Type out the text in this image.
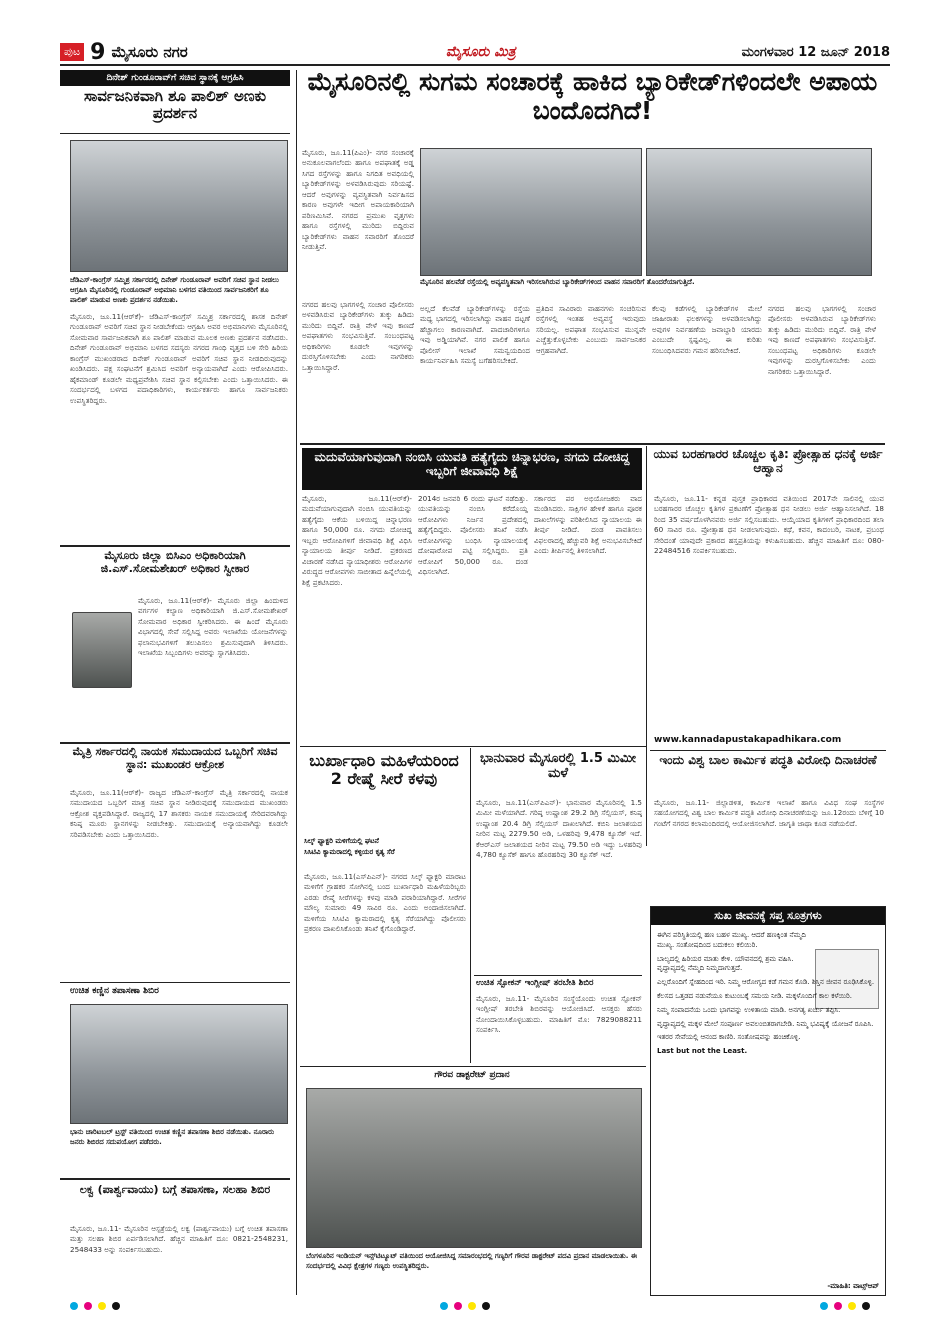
ಪುಟ 9 ಮೈಸೂರು ನಗರ	ಮೈಸೂರು ಮಿತ್ರ	ಮಂಗಳವಾರ 12 ಜೂನ್ 2018
ದಿನೇಶ್ ಗುಂಡೂರಾವ್‌ಗೆ ಸಚಿವ ಸ್ಥಾನಕ್ಕೆ ಆಗ್ರಹಿಸಿ
ಸಾರ್ವಜನಿಕವಾಗಿ ಶೂ ಪಾಲಿಶ್ ಅಣಕು ಪ್ರದರ್ಶನ
ಜೆಡಿಎಸ್-ಕಾಂಗ್ರೆಸ್ ಸಮ್ಮಿಶ್ರ ಸರ್ಕಾರದಲ್ಲಿ ದಿನೇಶ್ ಗುಂಡೂರಾವ್ ಅವರಿಗೆ ಸಚಿವ ಸ್ಥಾನ ನೀಡಲು ಆಗ್ರಹಿಸಿ ಮೈಸೂರಿನಲ್ಲಿ ಗುಂಡೂರಾವ್ ಅಭಿಮಾನಿ ಬಳಗದ ವತಿಯಿಂದ ಸಾರ್ವಜನಿಕರಿಗೆ ಶೂ ಪಾಲಿಶ್ ಮಾಡುವ ಅಣಕು ಪ್ರದರ್ಶನ ನಡೆಯಿತು.
ಮೈಸೂರು, ಜೂ.11(ಆರ್‌ಕೆ)- ಜೆಡಿಎಸ್-ಕಾಂಗ್ರೆಸ್ ಸಮ್ಮಿಶ್ರ ಸರ್ಕಾರದಲ್ಲಿ ಶಾಸಕ ದಿನೇಶ್ ಗುಂಡೂರಾವ್ ಅವರಿಗೆ ಸಚಿವ ಸ್ಥಾನ ನೀಡಬೇಕೆಂದು ಆಗ್ರಹಿಸಿ ಅವರ ಅಭಿಮಾನಿಗಳು ಮೈಸೂರಿನಲ್ಲಿ ಸೋಮವಾರ ಸಾರ್ವಜನಿಕವಾಗಿ ಶೂ ಪಾಲಿಶ್ ಮಾಡುವ ಮೂಲಕ ಅಣಕು ಪ್ರದರ್ಶನ ನಡೆಸಿದರು. ದಿನೇಶ್ ಗುಂಡೂರಾವ್ ಅಭಿಮಾನಿ ಬಳಗದ ಸದಸ್ಯರು ನಗರದ ಗಾಂಧಿ ವೃತ್ತದ ಬಳಿ ಸೇರಿ ಹಿರಿಯ ಕಾಂಗ್ರೆಸ್ ಮುಖಂಡರಾದ ದಿನೇಶ್ ಗುಂಡೂರಾವ್ ಅವರಿಗೆ ಸಚಿವ ಸ್ಥಾನ ನೀಡದಿರುವುದನ್ನು ಖಂಡಿಸಿದರು. ಪಕ್ಷ ಸಂಘಟನೆಗೆ ಶ್ರಮಿಸಿದ ಅವರಿಗೆ ಅನ್ಯಾಯವಾಗಿದೆ ಎಂದು ಆರೋಪಿಸಿದರು. ಹೈಕಮಾಂಡ್ ಕೂಡಲೇ ಮಧ್ಯಪ್ರವೇಶಿಸಿ ಸಚಿವ ಸ್ಥಾನ ಕಲ್ಪಿಸಬೇಕು ಎಂದು ಒತ್ತಾಯಿಸಿದರು. ಈ ಸಂದರ್ಭದಲ್ಲಿ ಬಳಗದ ಪದಾಧಿಕಾರಿಗಳು, ಕಾರ್ಯಕರ್ತರು ಹಾಗೂ ಸಾರ್ವಜನಿಕರು ಉಪಸ್ಥಿತರಿದ್ದರು.
ಮೈಸೂರು ಜಿಲ್ಲಾ ಬಿಸಿಎಂ ಅಧಿಕಾರಿಯಾಗಿ ಜಿ.ಎಸ್.ಸೋಮಶೇಖರ್ ಅಧಿಕಾರ ಸ್ವೀಕಾರ
ಮೈಸೂರು, ಜೂ.11(ಆರ್‌ಕೆ)- ಮೈಸೂರು ಜಿಲ್ಲಾ ಹಿಂದುಳಿದ ವರ್ಗಗಳ ಕಲ್ಯಾಣ ಅಧಿಕಾರಿಯಾಗಿ ಜಿ.ಎಸ್.ಸೋಮಶೇಖರ್ ಸೋಮವಾರ ಅಧಿಕಾರ ಸ್ವೀಕರಿಸಿದರು. ಈ ಹಿಂದೆ ಮೈಸೂರು ವಿಭಾಗದಲ್ಲಿ ಸೇವೆ ಸಲ್ಲಿಸಿದ್ದ ಅವರು ಇಲಾಖೆಯ ಯೋಜನೆಗಳನ್ನು ಫಲಾನುಭವಿಗಳಿಗೆ ತಲುಪಿಸಲು ಶ್ರಮಿಸುವುದಾಗಿ ತಿಳಿಸಿದರು. ಇಲಾಖೆಯ ಸಿಬ್ಬಂದಿಗಳು ಅವರನ್ನು ಸ್ವಾಗತಿಸಿದರು.
ಮೈತ್ರಿ ಸರ್ಕಾರದಲ್ಲಿ ನಾಯಕ ಸಮುದಾಯದ ಒಬ್ಬರಿಗೆ ಸಚಿವ ಸ್ಥಾನ: ಮುಖಂಡರ ಆಕ್ರೋಶ
ಮೈಸೂರು, ಜೂ.11(ಆರ್‌ಕೆ)- ರಾಜ್ಯದ ಜೆಡಿಎಸ್-ಕಾಂಗ್ರೆಸ್ ಮೈತ್ರಿ ಸರ್ಕಾರದಲ್ಲಿ ನಾಯಕ ಸಮುದಾಯದ ಒಬ್ಬರಿಗೆ ಮಾತ್ರ ಸಚಿವ ಸ್ಥಾನ ನೀಡಿರುವುದಕ್ಕೆ ಸಮುದಾಯದ ಮುಖಂಡರು ಆಕ್ರೋಶ ವ್ಯಕ್ತಪಡಿಸಿದ್ದಾರೆ. ರಾಜ್ಯದಲ್ಲಿ 17 ಶಾಸಕರು ನಾಯಕ ಸಮುದಾಯಕ್ಕೆ ಸೇರಿದವರಾಗಿದ್ದು ಕನಿಷ್ಠ ಮೂರು ಸ್ಥಾನಗಳನ್ನು ನೀಡಬೇಕಿತ್ತು. ಸಮುದಾಯಕ್ಕೆ ಅನ್ಯಾಯವಾಗಿದ್ದು ಕೂಡಲೇ ಸರಿಪಡಿಸಬೇಕು ಎಂದು ಒತ್ತಾಯಿಸಿದರು.
ಉಚಿತ ಕಣ್ಣಿನ ತಪಾಸಣಾ ಶಿಬಿರ
ಭಾನು ಚಾರಿಟಬಲ್ ಟ್ರಸ್ಟ್ ವತಿಯಿಂದ ಉಚಿತ ಕಣ್ಣಿನ ತಪಾಸಣಾ ಶಿಬಿರ ನಡೆಯಿತು. ನೂರಾರು ಜನರು ಶಿಬಿರದ ಸದುಪಯೋಗ ಪಡೆದರು.
ಲಕ್ವ (ಪಾರ್ಶ್ವವಾಯು) ಬಗ್ಗೆ ತಪಾಸಣಾ, ಸಲಹಾ ಶಿಬಿರ
ಮೈಸೂರು, ಜೂ.11- ಮೈಸೂರಿನ ಆಸ್ಪತ್ರೆಯಲ್ಲಿ ಲಕ್ವ (ಪಾರ್ಶ್ವವಾಯು) ಬಗ್ಗೆ ಉಚಿತ ತಪಾಸಣಾ ಮತ್ತು ಸಲಹಾ ಶಿಬಿರ ಏರ್ಪಡಿಸಲಾಗಿದೆ. ಹೆಚ್ಚಿನ ಮಾಹಿತಿಗೆ ದೂ: 0821-2548231, 2548433 ಅನ್ನು ಸಂಪರ್ಕಿಸಬಹುದು.
ಮೈಸೂರಿನಲ್ಲಿ ಸುಗಮ ಸಂಚಾರಕ್ಕೆ ಹಾಕಿದ ಬ್ಯಾರಿಕೇಡ್‌ಗಳಿಂದಲೇ ಅಪಾಯ ಬಂದೊದಗಿದೆ!
ಮೈಸೂರು, ಜೂ.11(ಪಿಎಂ)- ನಗರ ಸಂಚಾರಕ್ಕೆ ಅನುಕೂಲವಾಗಲೆಂದು ಹಾಗೂ ಅಪಘಾತಕ್ಕೆ ಅಡ್ಡ ಸಿಗದ ರಸ್ತೆಗಳನ್ನು ಹಾಗೂ ನಿಗದಿತ ಅವಧಿಯಲ್ಲಿ ಬ್ಯಾರಿಕೇಡ್‌ಗಳನ್ನು ಅಳವಡಿಸಿರುವುದು ಸರಿಯಷ್ಟೆ. ಆದರೆ ಅವುಗಳನ್ನು ವ್ಯವಸ್ಥಿತವಾಗಿ ನಿರ್ವಹಿಸದ ಕಾರಣ ಅವುಗಳೇ ಇದೀಗ ಅಪಾಯಕಾರಿಯಾಗಿ ಪರಿಣಮಿಸಿವೆ. ನಗರದ ಪ್ರಮುಖ ವೃತ್ತಗಳು ಹಾಗೂ ರಸ್ತೆಗಳಲ್ಲಿ ಮುರಿದು ಬಿದ್ದಿರುವ ಬ್ಯಾರಿಕೇಡ್‌ಗಳು ವಾಹನ ಸವಾರರಿಗೆ ತೊಂದರೆ ನೀಡುತ್ತಿವೆ.
ಮೈಸೂರಿನ ಹಲವೆಡೆ ರಸ್ತೆಯಲ್ಲಿ ಅವ್ಯವಸ್ಥಿತವಾಗಿ ಇರಿಸಲಾಗಿರುವ ಬ್ಯಾರಿಕೇಡ್‌ಗಳಿಂದ ವಾಹನ ಸವಾರರಿಗೆ ತೊಂದರೆಯಾಗುತ್ತಿದೆ.
ನಗರದ ಹಲವು ಭಾಗಗಳಲ್ಲಿ ಸಂಚಾರ ಪೊಲೀಸರು ಅಳವಡಿಸಿರುವ ಬ್ಯಾರಿಕೇಡ್‌ಗಳು ತುಕ್ಕು ಹಿಡಿದು ಮುರಿದು ಬಿದ್ದಿವೆ. ರಾತ್ರಿ ವೇಳೆ ಇವು ಕಾಣದೆ ಅಪಘಾತಗಳು ಸಂಭವಿಸುತ್ತಿವೆ. ಸಂಬಂಧಪಟ್ಟ ಅಧಿಕಾರಿಗಳು ಕೂಡಲೇ ಇವುಗಳನ್ನು ದುರಸ್ತಿಗೊಳಿಸಬೇಕು ಎಂದು ನಾಗರಿಕರು ಒತ್ತಾಯಿಸಿದ್ದಾರೆ.
ಅಲ್ಲದೆ ಕೆಲವೆಡೆ ಬ್ಯಾರಿಕೇಡ್‌ಗಳನ್ನು ರಸ್ತೆಯ ಮಧ್ಯ ಭಾಗದಲ್ಲಿ ಇರಿಸಲಾಗಿದ್ದು ವಾಹನ ದಟ್ಟಣೆ ಹೆಚ್ಚಾಗಲು ಕಾರಣವಾಗಿದೆ. ಪಾದಚಾರಿಗಳಿಗೂ ಇವು ಅಡ್ಡಿಯಾಗಿವೆ. ನಗರ ಪಾಲಿಕೆ ಹಾಗೂ ಪೊಲೀಸ್ ಇಲಾಖೆ ಸಮನ್ವಯದಿಂದ ಕಾರ್ಯನಿರ್ವಹಿಸಿ ಸಮಸ್ಯೆ ಬಗೆಹರಿಸಬೇಕಿದೆ.
ಪ್ರತಿದಿನ ಸಾವಿರಾರು ವಾಹನಗಳು ಸಂಚರಿಸುವ ರಸ್ತೆಗಳಲ್ಲಿ ಇಂತಹ ಅವ್ಯವಸ್ಥೆ ಇರುವುದು ಸರಿಯಲ್ಲ. ಅಪಘಾತ ಸಂಭವಿಸುವ ಮುನ್ನವೇ ಎಚ್ಚೆತ್ತುಕೊಳ್ಳಬೇಕು ಎಂಬುದು ಸಾರ್ವಜನಿಕರ ಆಗ್ರಹವಾಗಿದೆ.
ಕೆಲವು ಕಡೆಗಳಲ್ಲಿ ಬ್ಯಾರಿಕೇಡ್‌ಗಳ ಮೇಲೆ ಜಾಹೀರಾತು ಫಲಕಗಳನ್ನು ಅಳವಡಿಸಲಾಗಿದ್ದು ಅವುಗಳ ನಿರ್ವಹಣೆಯ ಜವಾಬ್ದಾರಿ ಯಾರದು ಎಂಬುದೇ ಸ್ಪಷ್ಟವಿಲ್ಲ. ಈ ಕುರಿತು ಸಂಬಂಧಿಸಿದವರು ಗಮನ ಹರಿಸಬೇಕಿದೆ.
ನಗರದ ಹಲವು ಭಾಗಗಳಲ್ಲಿ ಸಂಚಾರ ಪೊಲೀಸರು ಅಳವಡಿಸಿರುವ ಬ್ಯಾರಿಕೇಡ್‌ಗಳು ತುಕ್ಕು ಹಿಡಿದು ಮುರಿದು ಬಿದ್ದಿವೆ. ರಾತ್ರಿ ವೇಳೆ ಇವು ಕಾಣದೆ ಅಪಘಾತಗಳು ಸಂಭವಿಸುತ್ತಿವೆ. ಸಂಬಂಧಪಟ್ಟ ಅಧಿಕಾರಿಗಳು ಕೂಡಲೇ ಇವುಗಳನ್ನು ದುರಸ್ತಿಗೊಳಿಸಬೇಕು ಎಂದು ನಾಗರಿಕರು ಒತ್ತಾಯಿಸಿದ್ದಾರೆ.
ಮದುವೆಯಾಗುವುದಾಗಿ ನಂಬಿಸಿ ಯುವತಿ ಹತ್ಯೆಗೈದು ಚಿನ್ನಾಭರಣ, ನಗದು ದೋಚಿದ್ದ ಇಬ್ಬರಿಗೆ ಜೀವಾವಧಿ ಶಿಕ್ಷೆ
ಮೈಸೂರು, ಜೂ.11(ಆರ್‌ಕೆ)- ಮದುವೆಯಾಗುವುದಾಗಿ ನಂಬಿಸಿ ಯುವತಿಯನ್ನು ಹತ್ಯೆಗೈದು ಆಕೆಯ ಬಳಿಯಿದ್ದ ಚಿನ್ನಾಭರಣ ಹಾಗೂ 50,000 ರೂ. ನಗದು ದೋಚಿದ್ದ ಇಬ್ಬರು ಆರೋಪಿಗಳಿಗೆ ಜೀವಾವಧಿ ಶಿಕ್ಷೆ ವಿಧಿಸಿ ನ್ಯಾಯಾಲಯ ತೀರ್ಪು ನೀಡಿದೆ. ಪ್ರಕರಣದ ವಿಚಾರಣೆ ನಡೆಸಿದ ನ್ಯಾಯಾಧೀಶರು ಆರೋಪಿಗಳ ವಿರುದ್ಧದ ಆರೋಪಗಳು ಸಾಬೀತಾದ ಹಿನ್ನೆಲೆಯಲ್ಲಿ ಶಿಕ್ಷೆ ಪ್ರಕಟಿಸಿದರು.
2014ರ ಜನವರಿ 6 ರಂದು ಘಟನೆ ನಡೆದಿತ್ತು. ಯುವತಿಯನ್ನು ನಂಬಿಸಿ ಕರೆದೊಯ್ದ ಆರೋಪಿಗಳು ನಿರ್ಜನ ಪ್ರದೇಶದಲ್ಲಿ ಹತ್ಯೆಗೈದಿದ್ದರು. ಪೊಲೀಸರು ತನಿಖೆ ನಡೆಸಿ ಆರೋಪಿಗಳನ್ನು ಬಂಧಿಸಿ ನ್ಯಾಯಾಲಯಕ್ಕೆ ದೋಷಾರೋಪ ಪಟ್ಟಿ ಸಲ್ಲಿಸಿದ್ದರು. ಪ್ರತಿ ಆರೋಪಿಗೆ 50,000 ರೂ. ದಂಡ ವಿಧಿಸಲಾಗಿದೆ.
ಸರ್ಕಾರದ ಪರ ಅಭಿಯೋಜಕರು ವಾದ ಮಂಡಿಸಿದರು. ಸಾಕ್ಷಿಗಳ ಹೇಳಿಕೆ ಹಾಗೂ ಪೂರಕ ದಾಖಲೆಗಳನ್ನು ಪರಿಶೀಲಿಸಿದ ನ್ಯಾಯಾಲಯ ಈ ತೀರ್ಪು ನೀಡಿದೆ. ದಂಡ ಪಾವತಿಸಲು ವಿಫಲರಾದಲ್ಲಿ ಹೆಚ್ಚುವರಿ ಶಿಕ್ಷೆ ಅನುಭವಿಸಬೇಕಿದೆ ಎಂದು ತೀರ್ಪಿನಲ್ಲಿ ತಿಳಿಸಲಾಗಿದೆ.
ಯುವ ಬರಹಗಾರರ ಚೊಚ್ಚಲ ಕೃತಿ: ಪ್ರೋತ್ಸಾಹ ಧನಕ್ಕೆ ಅರ್ಜಿ ಆಹ್ವಾನ
ಮೈಸೂರು, ಜೂ.11- ಕನ್ನಡ ಪುಸ್ತಕ ಪ್ರಾಧಿಕಾರದ ವತಿಯಿಂದ 2017ನೇ ಸಾಲಿನಲ್ಲಿ ಯುವ ಬರಹಗಾರರ ಚೊಚ್ಚಲ ಕೃತಿಗಳ ಪ್ರಕಟಣೆಗೆ ಪ್ರೋತ್ಸಾಹ ಧನ ನೀಡಲು ಅರ್ಜಿ ಆಹ್ವಾನಿಸಲಾಗಿದೆ. 18 ರಿಂದ 35 ವರ್ಷದೊಳಗಿನವರು ಅರ್ಜಿ ಸಲ್ಲಿಸಬಹುದು. ಆಯ್ಕೆಯಾದ ಕೃತಿಗಳಿಗೆ ಪ್ರಾಧಿಕಾರದಿಂದ ತಲಾ 60 ಸಾವಿರ ರೂ. ಪ್ರೋತ್ಸಾಹ ಧನ ನೀಡಲಾಗುವುದು. ಕಥೆ, ಕವನ, ಕಾದಂಬರಿ, ನಾಟಕ, ಪ್ರಬಂಧ ಸೇರಿದಂತೆ ಯಾವುದೇ ಪ್ರಕಾರದ ಹಸ್ತಪ್ರತಿಯನ್ನು ಕಳುಹಿಸಬಹುದು. ಹೆಚ್ಚಿನ ಮಾಹಿತಿಗೆ ದೂ: 080-22484516 ಸಂಪರ್ಕಿಸಬಹುದು.
www.kannadapustakapadhikara.com
ಇಂದು ವಿಶ್ವ ಬಾಲ ಕಾರ್ಮಿಕ ಪದ್ಧತಿ ವಿರೋಧಿ ದಿನಾಚರಣೆ
ಮೈಸೂರು, ಜೂ.11- ಜಿಲ್ಲಾಡಳಿತ, ಕಾರ್ಮಿಕ ಇಲಾಖೆ ಹಾಗೂ ವಿವಿಧ ಸಂಘ ಸಂಸ್ಥೆಗಳ ಸಹಯೋಗದಲ್ಲಿ ವಿಶ್ವ ಬಾಲ ಕಾರ್ಮಿಕ ಪದ್ಧತಿ ವಿರೋಧಿ ದಿನಾಚರಣೆಯನ್ನು ಜೂ.12ರಂದು ಬೆಳಿಗ್ಗೆ 10 ಗಂಟೆಗೆ ನಗರದ ಕಲಾಮಂದಿರದಲ್ಲಿ ಆಯೋಜಿಸಲಾಗಿದೆ. ಜಾಗೃತಿ ಜಾಥಾ ಕೂಡ ನಡೆಯಲಿದೆ.
ಸುಖ ಜೀವನಕ್ಕೆ ಸಪ್ತ ಸೂತ್ರಗಳು

ಈಗಿನ ಪರಿಸ್ಥಿತಿಯಲ್ಲಿ ಹಣ ಬಹಳ ಮುಖ್ಯ. ಆದರೆ ಹಣಕ್ಕಿಂತ ನೆಮ್ಮದಿ ಮುಖ್ಯ. ಸಂತೋಷದಿಂದ ಬದುಕಲು ಕಲಿಯಿರಿ.

ಬಾಲ್ಯದಲ್ಲಿ ಹಿರಿಯರ ಮಾತು ಕೇಳಿ. ಯೌವನದಲ್ಲಿ ಶ್ರಮ ವಹಿಸಿ. ವೃದ್ಧಾಪ್ಯದಲ್ಲಿ ನೆಮ್ಮದಿ ನಿಮ್ಮದಾಗುತ್ತದೆ.

ಎಲ್ಲರೊಂದಿಗೆ ಸ್ನೇಹದಿಂದ ಇರಿ. ನಿಮ್ಮ ಆರೋಗ್ಯದ ಕಡೆ ಗಮನ ಕೊಡಿ. ಶಿಸ್ತಿನ ಜೀವನ ರೂಢಿಸಿಕೊಳ್ಳಿ.

ಕೆಲಸದ ಒತ್ತಡದ ನಡುವೆಯೂ ಕುಟುಂಬಕ್ಕೆ ಸಮಯ ನೀಡಿ. ಮಕ್ಕಳೊಂದಿಗೆ ಕಾಲ ಕಳೆಯಿರಿ.

ನಿಮ್ಮ ಸಂಪಾದನೆಯ ಒಂದು ಭಾಗವನ್ನು ಉಳಿತಾಯ ಮಾಡಿ. ಅನಗತ್ಯ ಖರ್ಚು ತಪ್ಪಿಸಿ.

ವೃದ್ಧಾಪ್ಯದಲ್ಲಿ ಮಕ್ಕಳ ಮೇಲೆ ಸಂಪೂರ್ಣ ಅವಲಂಬಿತರಾಗಬೇಡಿ. ನಿಮ್ಮ ಭವಿಷ್ಯಕ್ಕೆ ಯೋಜನೆ ರೂಪಿಸಿ.

ಇತರರ ಸೇವೆಯಲ್ಲಿ ಆನಂದ ಕಾಣಿರಿ. ಸಂತೋಷವನ್ನು ಹಂಚಿಕೊಳ್ಳಿ.

Last but not the Least.

-ಮಾಹಿತಿ: ವಾಟ್ಸ್‌ಆಪ್
ಬುರ್ಖಾಧಾರಿ ಮಹಿಳೆಯರಿಂದ 2 ರೇಷ್ಮೆ ಸೀರೆ ಕಳವು
ಸಿಲ್ಕ್ ಫ್ಯಾಕ್ಟರಿ ಮಳಿಗೆಯಲ್ಲಿ ಘಟನೆ
ಸಿಸಿಟಿವಿ ಕ್ಯಾಮರಾದಲ್ಲಿ ಕಳ್ಳಿಯರ ಕೃತ್ಯ ಸೆರೆ
ಮೈಸೂರು, ಜೂ.11(ಎಸ್‌ಪಿಎನ್)- ನಗರದ ಸಿಲ್ಕ್ ಫ್ಯಾಕ್ಟರಿ ಮಾರಾಟ ಮಳಿಗೆಗೆ ಗ್ರಾಹಕರ ಸೋಗಿನಲ್ಲಿ ಬಂದ ಬುರ್ಖಾಧಾರಿ ಮಹಿಳೆಯರಿಬ್ಬರು ಎರಡು ರೇಷ್ಮೆ ಸೀರೆಗಳನ್ನು ಕಳವು ಮಾಡಿ ಪರಾರಿಯಾಗಿದ್ದಾರೆ. ಸೀರೆಗಳ ಮೌಲ್ಯ ಸುಮಾರು 49 ಸಾವಿರ ರೂ. ಎಂದು ಅಂದಾಜಿಸಲಾಗಿದೆ. ಮಳಿಗೆಯ ಸಿಸಿಟಿವಿ ಕ್ಯಾಮರಾದಲ್ಲಿ ಕೃತ್ಯ ಸೆರೆಯಾಗಿದ್ದು ಪೊಲೀಸರು ಪ್ರಕರಣ ದಾಖಲಿಸಿಕೊಂಡು ತನಿಖೆ ಕೈಗೊಂಡಿದ್ದಾರೆ.
ಭಾನುವಾರ ಮೈಸೂರಲ್ಲಿ 1.5 ಮಿಮೀ ಮಳೆ
ಮೈಸೂರು, ಜೂ.11(ಎಸ್‌ಪಿಎನ್)- ಭಾನುವಾರ ಮೈಸೂರಿನಲ್ಲಿ 1.5 ಮಿಮೀ ಮಳೆಯಾಗಿದೆ. ಗರಿಷ್ಠ ಉಷ್ಣಾಂಶ 29.2 ಡಿಗ್ರಿ ಸೆಲ್ಸಿಯಸ್, ಕನಿಷ್ಠ ಉಷ್ಣಾಂಶ 20.4 ಡಿಗ್ರಿ ಸೆಲ್ಸಿಯಸ್ ದಾಖಲಾಗಿದೆ. ಕಬಿನಿ ಜಲಾಶಯದ ನೀರಿನ ಮಟ್ಟ 2279.50 ಅಡಿ, ಒಳಹರಿವು 9,478 ಕ್ಯೂಸೆಕ್ ಇದೆ. ಕೆಆರ್‌ಎಸ್ ಜಲಾಶಯದ ನೀರಿನ ಮಟ್ಟ 79.50 ಅಡಿ ಇದ್ದು ಒಳಹರಿವು 4,780 ಕ್ಯೂಸೆಕ್ ಹಾಗೂ ಹೊರಹರಿವು 30 ಕ್ಯೂಸೆಕ್ ಇದೆ.
ಉಚಿತ ಸ್ಪೋಕನ್ ಇಂಗ್ಲೀಷ್ ತರಬೇತಿ ಶಿಬಿರ
ಮೈಸೂರು, ಜೂ.11- ಮೈಸೂರಿನ ಸಂಸ್ಥೆಯೊಂದು ಉಚಿತ ಸ್ಪೋಕನ್ ಇಂಗ್ಲೀಷ್ ತರಬೇತಿ ಶಿಬಿರವನ್ನು ಆಯೋಜಿಸಿದೆ. ಆಸಕ್ತರು ಹೆಸರು ನೋಂದಾಯಿಸಿಕೊಳ್ಳಬಹುದು. ಮಾಹಿತಿಗೆ ಮೊ: 7829088211 ಸಂಪರ್ಕಿಸಿ.
ಗೌರವ ಡಾಕ್ಟರೇಟ್ ಪ್ರದಾನ
ಬೆಂಗಳೂರಿನ ಇಂಡಿಯನ್ ಇನ್ಸ್‌ಟಿಟ್ಯೂಟ್ ವತಿಯಿಂದ ಆಯೋಜಿಸಿದ್ದ ಸಮಾರಂಭದಲ್ಲಿ ಗಣ್ಯರಿಗೆ ಗೌರವ ಡಾಕ್ಟರೇಟ್ ಪದವಿ ಪ್ರದಾನ ಮಾಡಲಾಯಿತು. ಈ ಸಂದರ್ಭದಲ್ಲಿ ವಿವಿಧ ಕ್ಷೇತ್ರಗಳ ಗಣ್ಯರು ಉಪಸ್ಥಿತರಿದ್ದರು.
